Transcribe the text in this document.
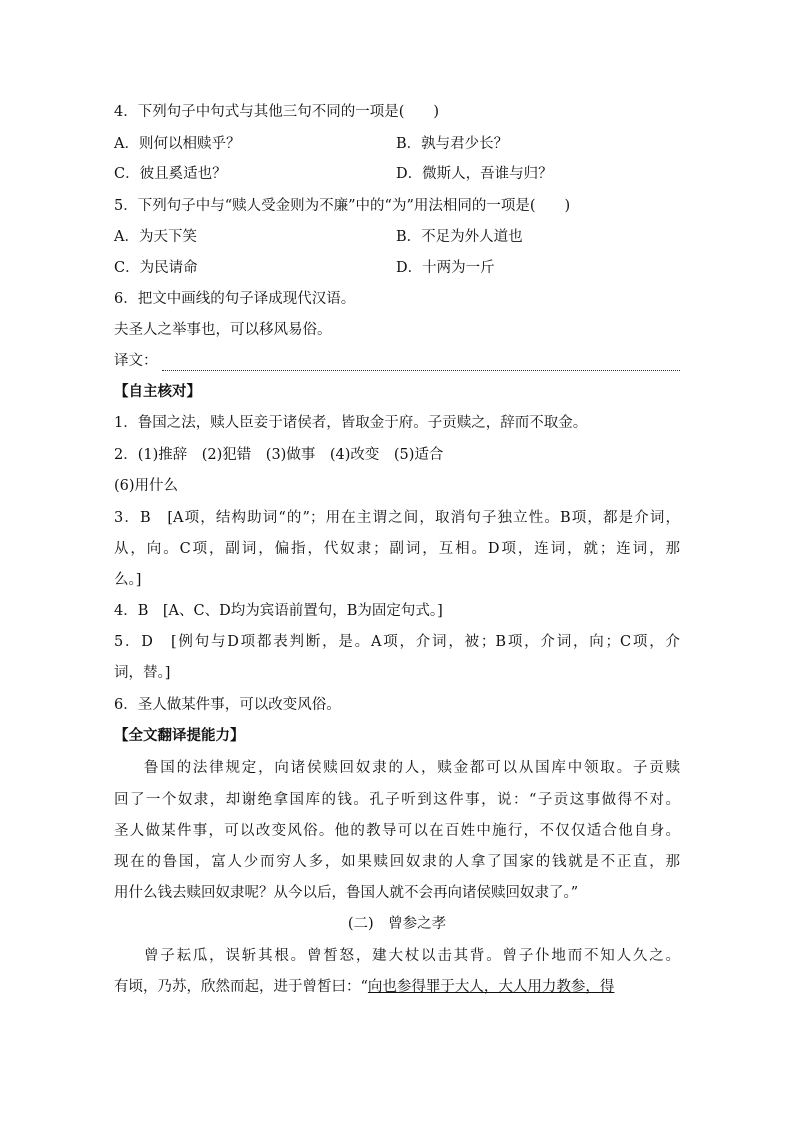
4．下列句子中句式与其他三句不同的一项是(　　)
A．则何以相赎乎？	B．孰与君少长？
C．彼且奚适也？	D．微斯人，吾谁与归？
5．下列句子中与“赎人受金则为不廉”中的“为”用法相同的一项是(　　)
A．为天下笑	B．不足为外人道也
C．为民请命	D．十两为一斤
6．把文中画线的句子译成现代汉语。
夫圣人之举事也，可以移风易俗。
译文：
【自主核对】
1．鲁国之法，赎人臣妾于诸侯者，皆取金于府。子贡赎之，辞而不取金。
2．(1)推辞　(2)犯错　(3)做事　(4)改变　(5)适合
(6)用什么
3．B　[A项，结构助词“的”；用在主谓之间，取消句子独立性。B项，都是介词，
从，向。C项，副词，偏指，代奴隶；副词，互相。D项，连词，就；连词，那
么。]
4．B　[A、C、D均为宾语前置句，B为固定句式。]
5．D　[例句与D项都表判断，是。A项，介词，被；B项，介词，向；C项，介
词，替。]
6．圣人做某件事，可以改变风俗。
【全文翻译提能力】
鲁国的法律规定，向诸侯赎回奴隶的人，赎金都可以从国库中领取。子贡赎
回了一个奴隶，却谢绝拿国库的钱。孔子听到这件事，说：“子贡这事做得不对。
圣人做某件事，可以改变风俗。他的教导可以在百姓中施行，不仅仅适合他自身。
现在的鲁国，富人少而穷人多，如果赎回奴隶的人拿了国家的钱就是不正直，那
用什么钱去赎回奴隶呢？从今以后，鲁国人就不会再向诸侯赎回奴隶了。”
(二)　曾参之孝
曾子耘瓜，误斩其根。曾皙怒，建大杖以击其背。曾子仆地而不知人久之。
有顷，乃苏，欣然而起，进于曾皙曰：“向也参得罪于大人，大人用力教参，得
